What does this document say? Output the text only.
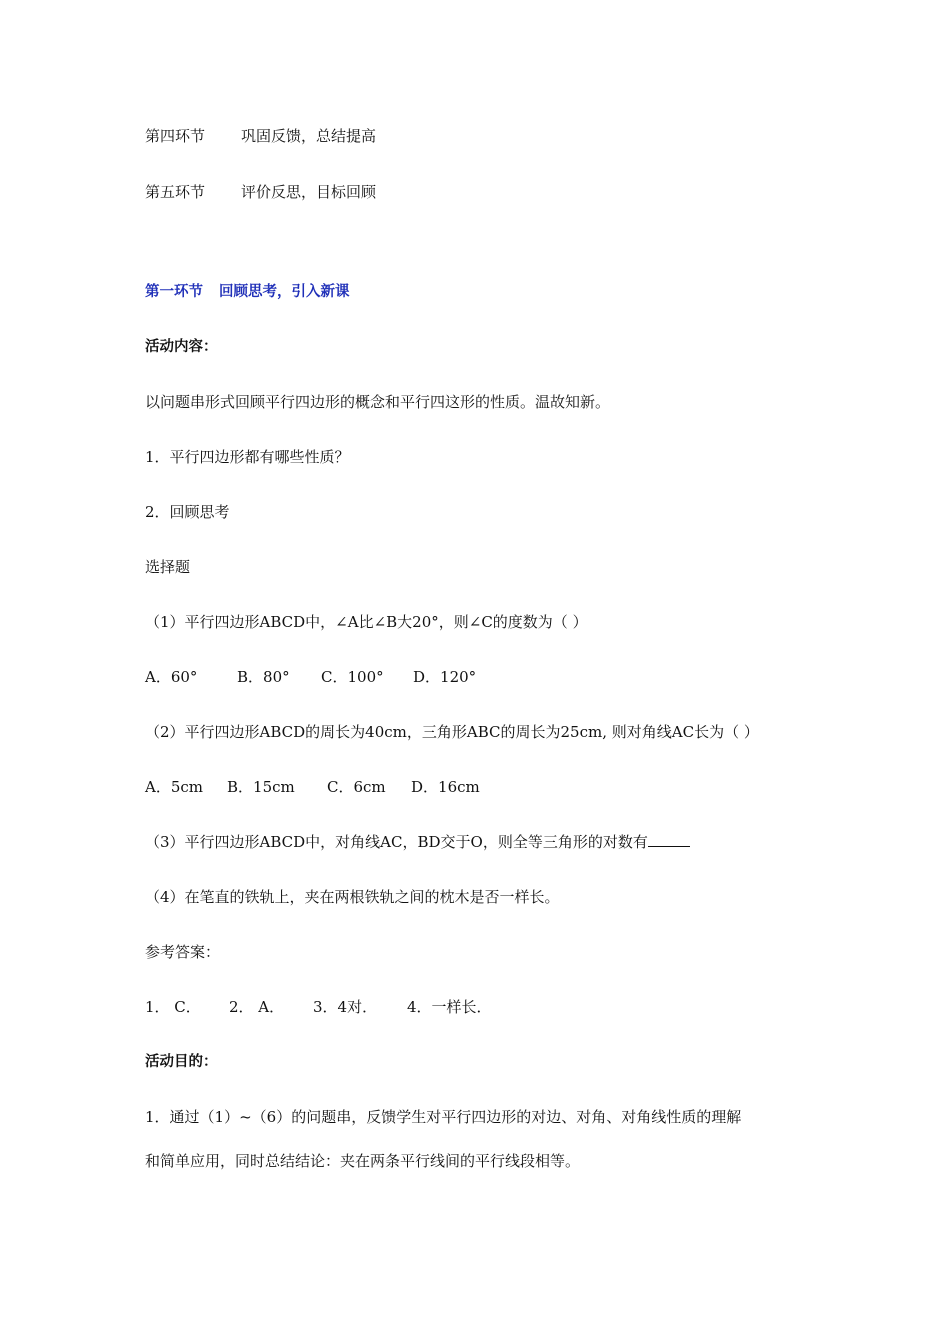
第四环节 巩固反馈，总结提高
第五环节 评价反思，目标回顾
第一环节 回顾思考，引入新课
活动内容：
以问题串形式回顾平行四边形的概念和平行四这形的性质。温故知新。
1．平行四边形都有哪些性质？
2．回顾思考
选择题
（1）平行四边形ABCD中，∠A比∠B大20°，则∠C的度数为（ ）
A．60°	B．80° C．100° D．120°
（2）平行四边形ABCD的周长为40cm，三角形ABC的周长为25cm, 则对角线AC长为（ ）
A．5cm B．15cm C．6cm D．16cm
（3）平行四边形ABCD中，对角线AC，BD交于O，则全等三角形的对数有
（4）在笔直的铁轨上，夹在两根铁轨之间的枕木是否一样长。
参考答案：
1． C． 2． A． 3．4对． 4．一样长．
活动目的：
1．通过（1）~（6）的问题串，反馈学生对平行四边形的对边、对角、对角线性质的理解
和简单应用，同时总结结论：夹在两条平行线间的平行线段相等。
